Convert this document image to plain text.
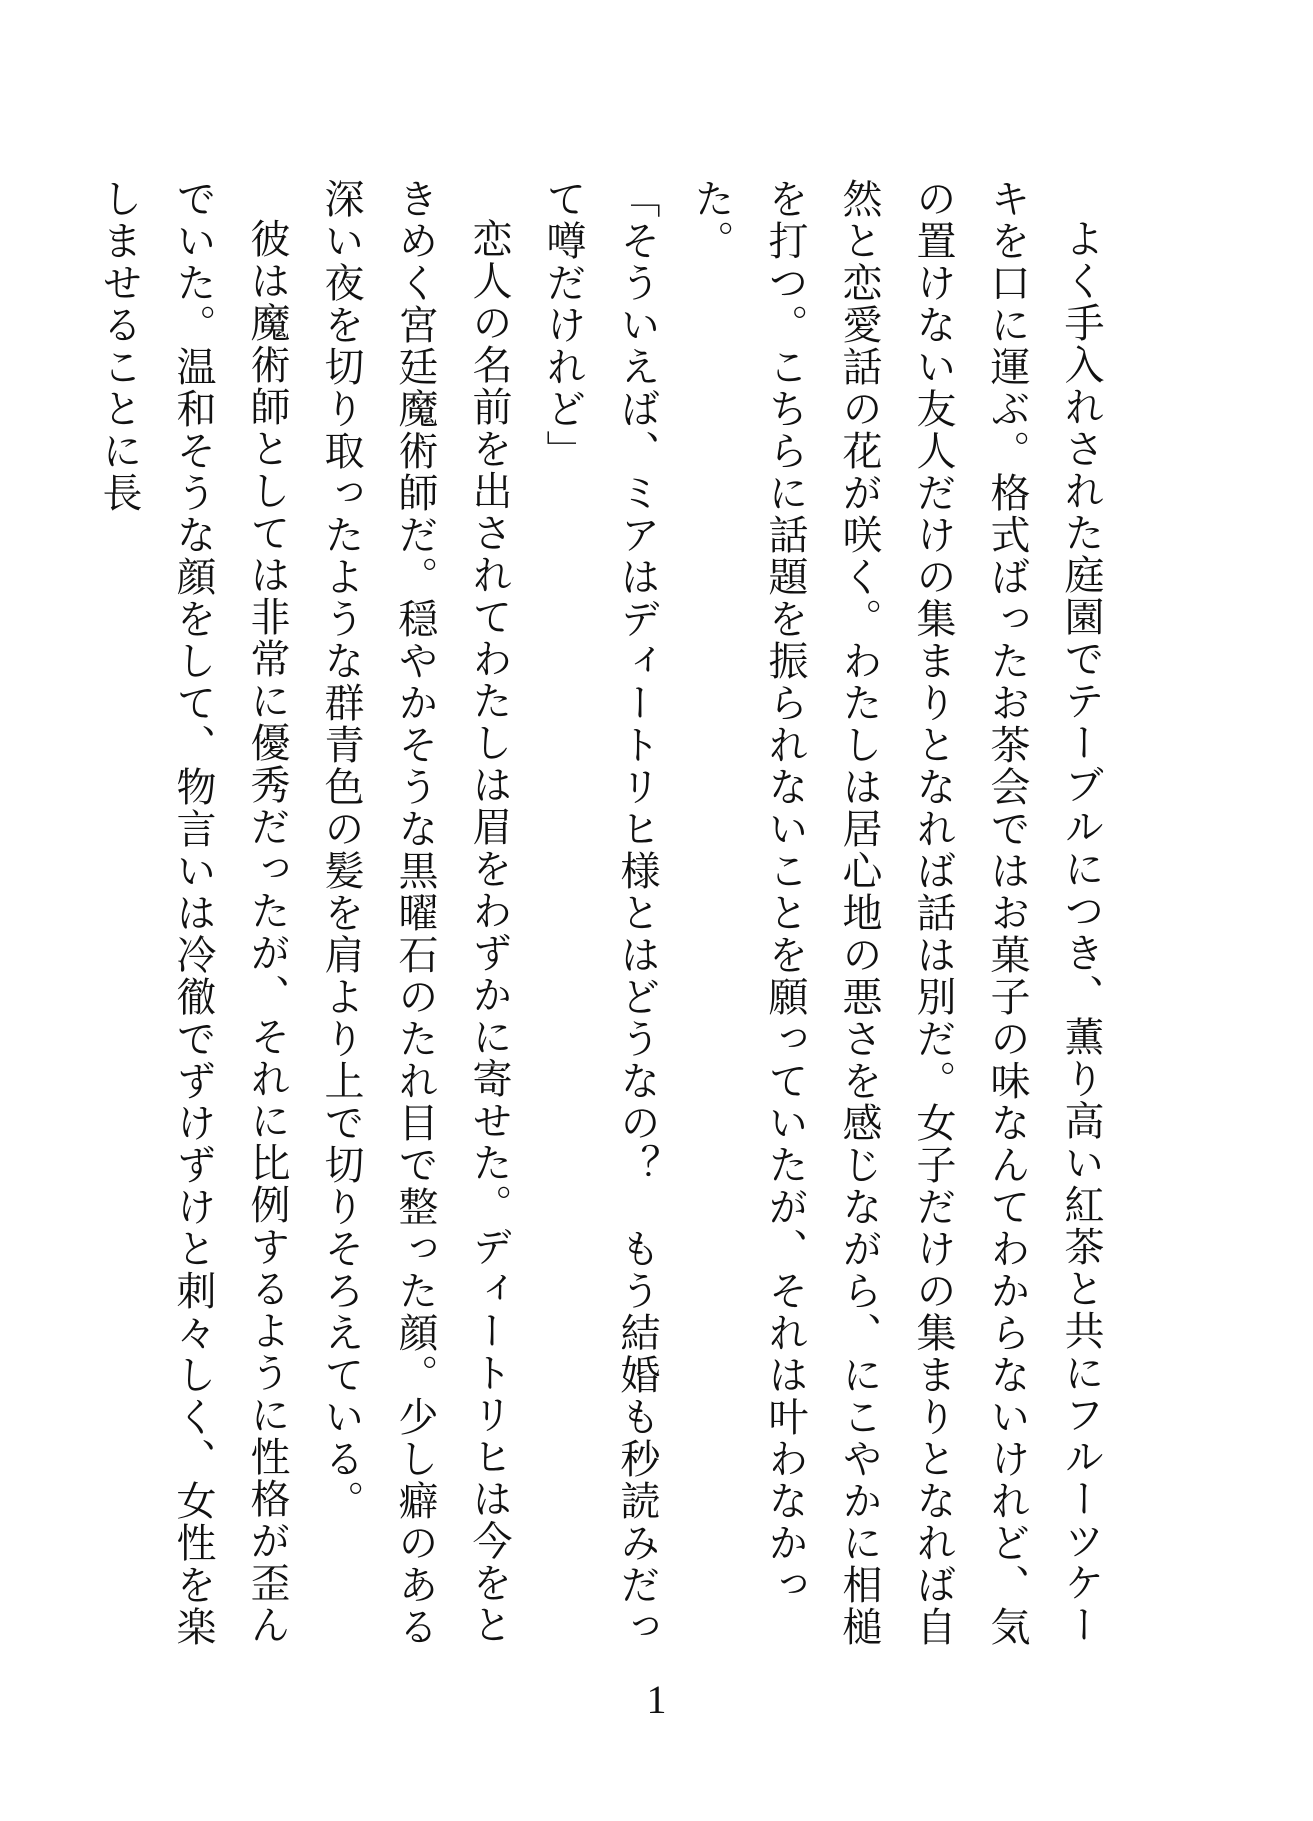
よく手入れされた庭園でテーブルにつき、薫り高い紅茶と共にフルーツケーキを口に運ぶ。格式ばったお茶会ではお菓子の味なんてわからないけれど、気の置けない友人だけの集まりとなれば話は別だ。女子だけの集まりとなれば自然と恋愛話の花が咲く。わたしは居心地の悪さを感じながら、にこやかに相槌を打つ。こちらに話題を振られないことを願っていたが、それは叶わなかった。

「そういえば、ミアはディートリヒ様とはどうなの？　もう結婚も秒読みだって噂だけれど」

恋人の名前を出されてわたしは眉をわずかに寄せた。ディートリヒは今をときめく宮廷魔術師だ。穏やかそうな黒曜石のたれ目で整った顔。少し癖のある深い夜を切り取ったような群青色の髪を肩より上で切りそろえている。

彼は魔術師としては非常に優秀だったが、それに比例するように性格が歪んでいた。温和そうな顔をして、物言いは冷徹でずけずけと刺々しく、女性を楽しませることに長

1
